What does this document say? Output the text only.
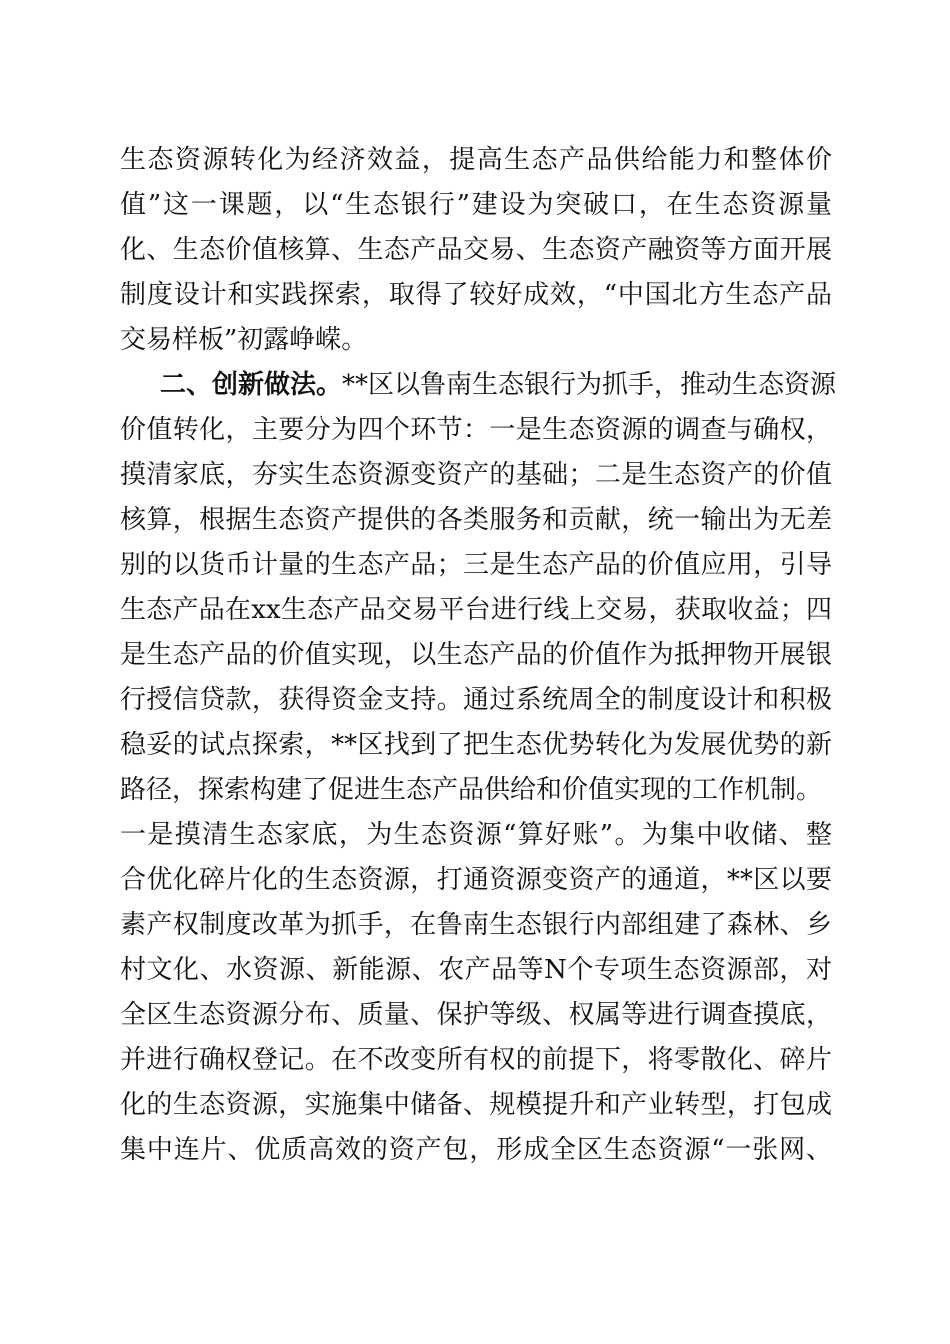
生态资源转化为经济效益，提高生态产品供给能力和整体价
值”这一课题，以“生态银行”建设为突破口，在生态资源量
化、生态价值核算、生态产品交易、生态资产融资等方面开展
制度设计和实践探索，取得了较好成效，“中国北方生态产品
交易样板”初露峥嵘。
二、创新做法。**区以鲁南生态银行为抓手，推动生态资源
价值转化，主要分为四个环节：一是生态资源的调查与确权，
摸清家底，夯实生态资源变资产的基础；二是生态资产的价值
核算，根据生态资产提供的各类服务和贡献，统一输出为无差
别的以货币计量的生态产品；三是生态产品的价值应用，引导
生态产品在xx生态产品交易平台进行线上交易，获取收益；四
是生态产品的价值实现，以生态产品的价值作为抵押物开展银
行授信贷款，获得资金支持。通过系统周全的制度设计和积极
稳妥的试点探索，**区找到了把生态优势转化为发展优势的新
路径，探索构建了促进生态产品供给和价值实现的工作机制。
一是摸清生态家底，为生态资源“算好账”。为集中收储、整
合优化碎片化的生态资源，打通资源变资产的通道，**区以要
素产权制度改革为抓手，在鲁南生态银行内部组建了森林、乡
村文化、水资源、新能源、农产品等N个专项生态资源部，对
全区生态资源分布、质量、保护等级、权属等进行调查摸底，
并进行确权登记。在不改变所有权的前提下，将零散化、碎片
化的生态资源，实施集中储备、规模提升和产业转型，打包成
集中连片、优质高效的资产包，形成全区生态资源“一张网、
